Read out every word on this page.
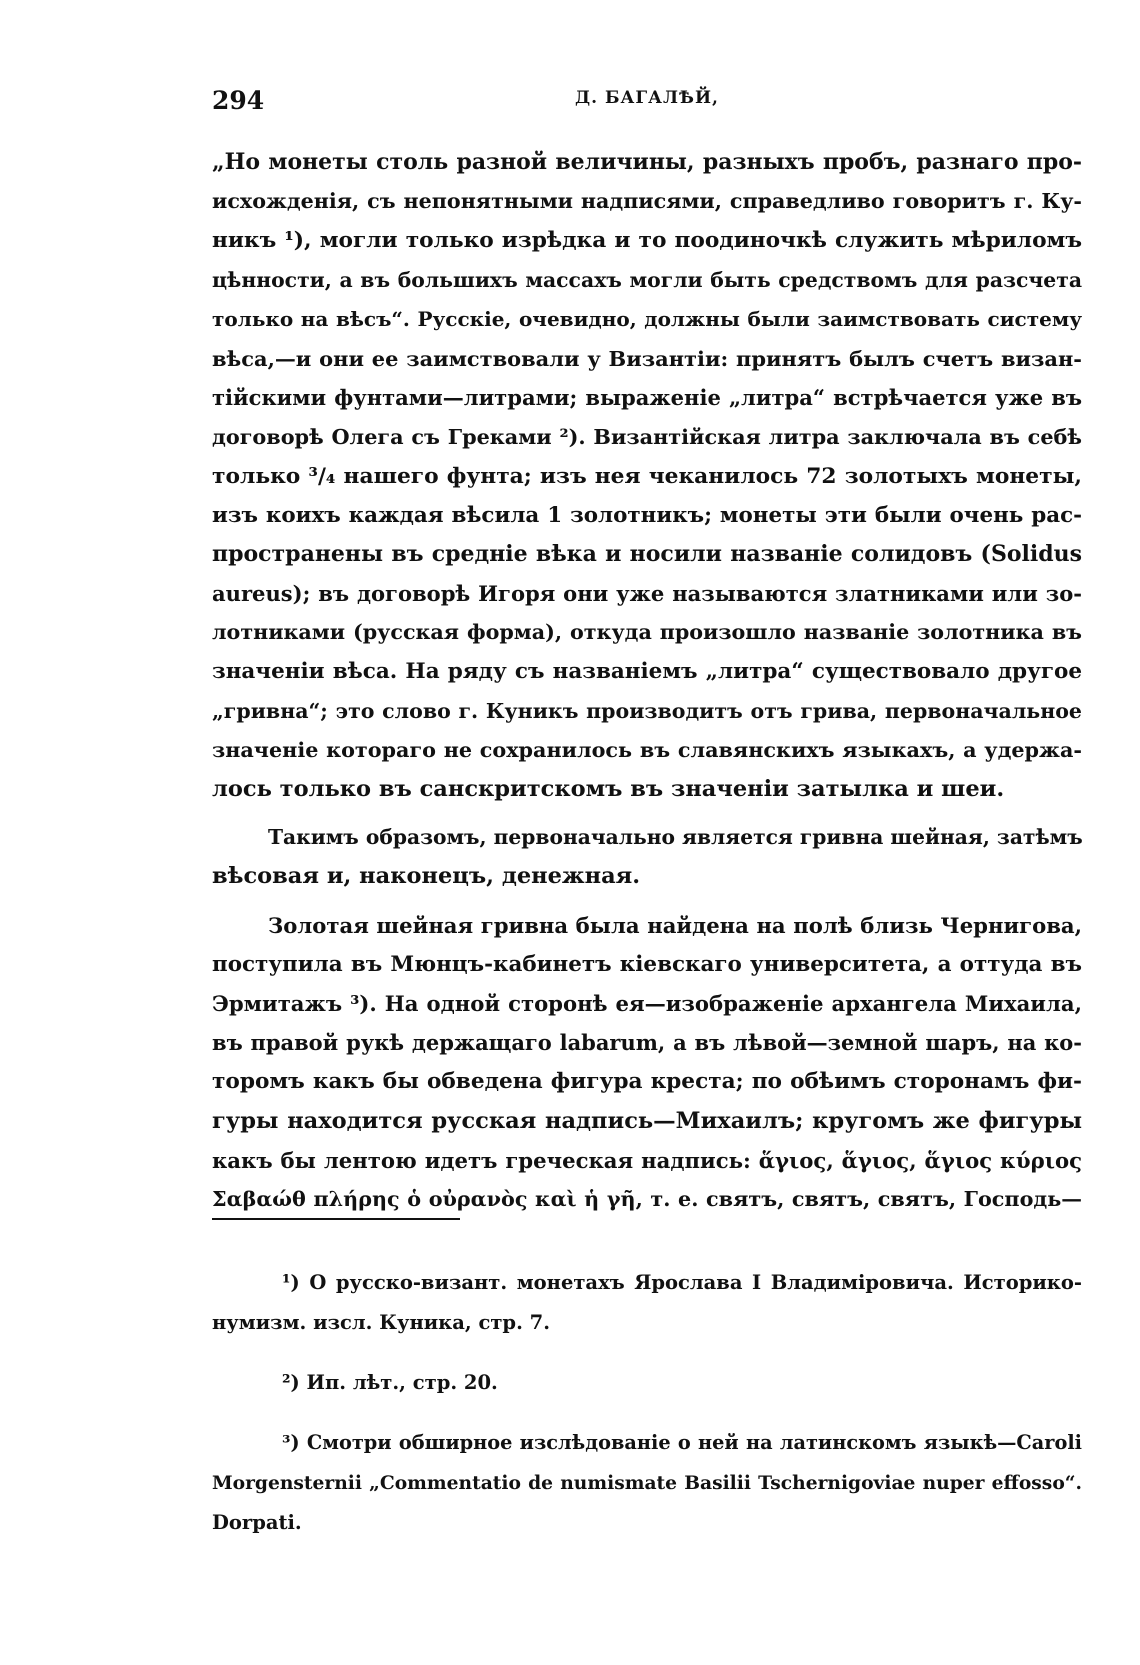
294	Д. БАГАЛѢЙ,
„Но монеты столь разной величины, разныхъ пробъ, разнаго про-
исхожденія, съ непонятными надписями, справедливо говоритъ г. Ку-
никъ ¹), могли только изрѣдка и то поодиночкѣ служить мѣриломъ
цѣнности, а въ большихъ массахъ могли быть средствомъ для разсчета
только на вѣсъ“. Русскіе, очевидно, должны были заимствовать систему
вѣса,—и они ее заимствовали у Византіи: принятъ былъ счетъ визан-
тійскими фунтами—литрами; выраженіе „литра“ встрѣчается уже въ
договорѣ Олега съ Греками ²). Византійская литра заключала въ себѣ
только ³/₄ нашего фунта; изъ нея чеканилось 72 золотыхъ монеты,
изъ коихъ каждая вѣсила 1 золотникъ; монеты эти были очень рас-
пространены въ средніе вѣка и носили названіе солидовъ (Solidus
aureus); въ договорѣ Игоря они уже называются златниками или зо-
лотниками (русская форма), откуда произошло названіе золотника въ
значеніи вѣса. На ряду съ названіемъ „литра“ существовало другое
„гривна“; это слово г. Куникъ производитъ отъ грива, первоначальное
значеніе котораго не сохранилось въ славянскихъ языкахъ, а удержа-
лось только въ санскритскомъ въ значеніи затылка и шеи.
Такимъ образомъ, первоначально является гривна шейная, затѣмъ
вѣсовая и, наконецъ, денежная.
Золотая шейная гривна была найдена на полѣ близь Чернигова,
поступила въ Мюнцъ-кабинетъ кіевскаго университета, а оттуда въ
Эрмитажъ ³). На одной сторонѣ ея—изображеніе архангела Михаила,
въ правой рукѣ держащаго labarum, а въ лѣвой—земной шаръ, на ко-
торомъ какъ бы обведена фигура креста; по обѣимъ сторонамъ фи-
гуры находится русская надпись—Михаилъ; кругомъ же фигуры
какъ бы лентою идетъ греческая надпись: ἅγιος, ἅγιος, ἅγιος κύριος
Σαβαώθ πλήρης ὁ οὐρανὸς καὶ ἡ γῆ, т. е. святъ, святъ, святъ, Господь—
¹) О русско-визант. монетахъ Ярослава I Владиміровича. Историко-
нумизм. изсл. Куника, стр. 7.
²) Ип. лѣт., стр. 20.
³) Смотри обширное изслѣдованіе о ней на латинскомъ языкѣ—Caroli
Morgensternii „Commentatio de numismate Basilii Tschernigoviae nuper effosso“.
Dorpati.
